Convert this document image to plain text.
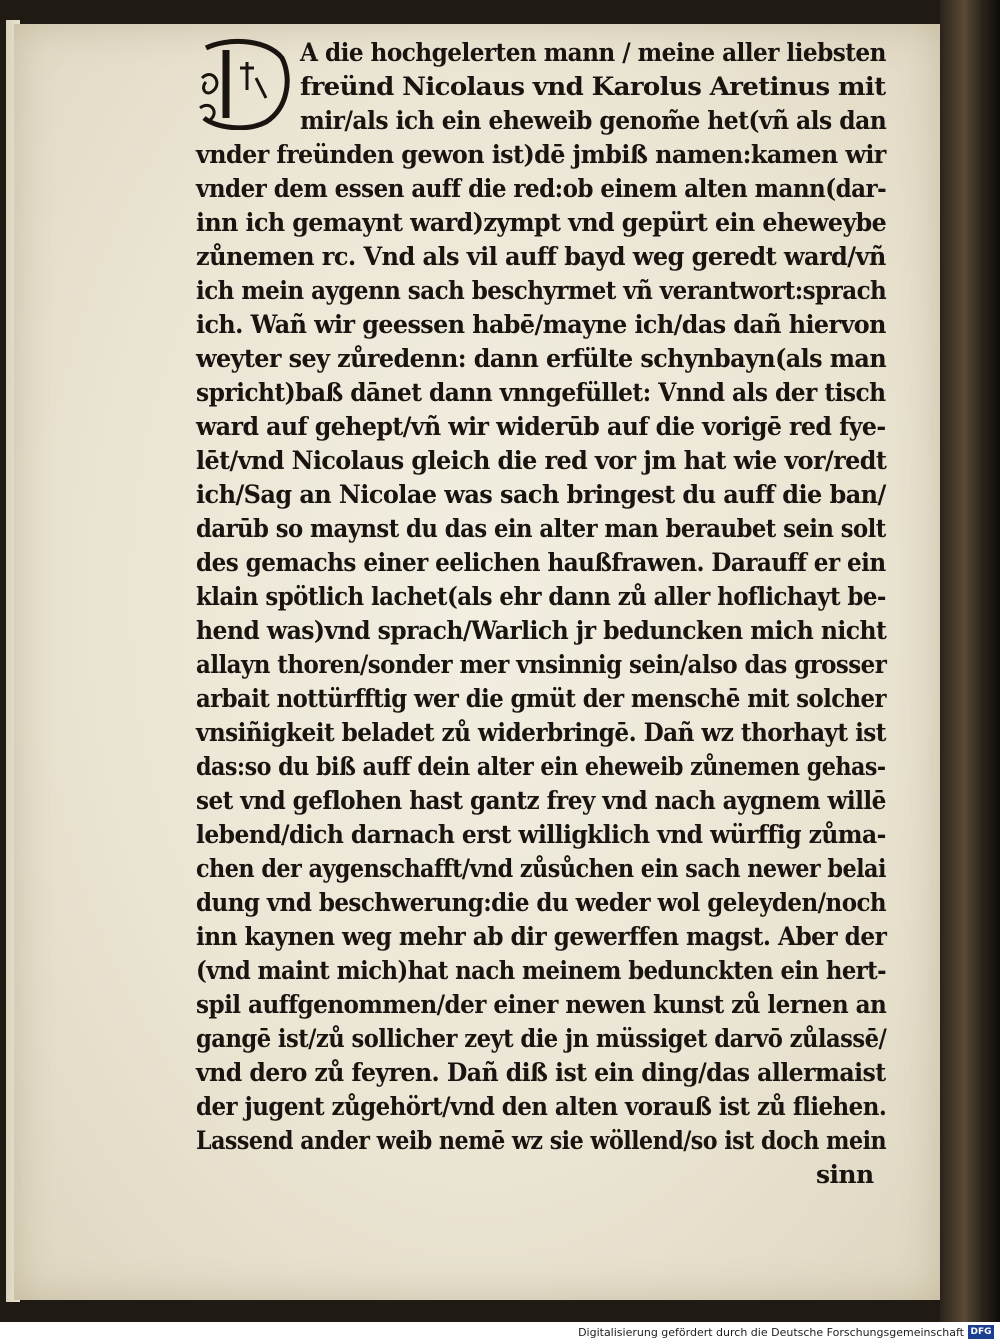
A die hochgelerten mann / meine aller liebsten
freünd Nicolaus vnd Karolus Aretinus mit
mir/als ich ein eheweib genom̃e het(vñ als dan
vnder freünden gewon ist)dē jmbiß namen:kamen wir
vnder dem essen auff die red:ob einem alten mann(dar-
inn ich gemaynt ward)zympt vnd gepürt ein eheweybe
zůnemen rc. Vnd als vil auff bayd weg geredt ward/vñ
ich mein aygenn sach beschyrmet vñ verantwort:sprach
ich. Wañ wir geessen habē/mayne ich/das dañ hiervon
weyter sey zůredenn: dann erfülte schynbayn(als man
spricht)baß dānet dann vnngefüllet: Vnnd als der tisch
ward auf gehept/vñ wir widerūb auf die vorigē red fye-
lēt/vnd Nicolaus gleich die red vor jm hat wie vor/redt
ich/Sag an Nicolae was sach bringest du auff die ban/
darūb so maynst du das ein alter man beraubet sein solt
des gemachs einer eelichen haußfrawen. Darauff er ein
klain spötlich lachet(als ehr dann zů aller hoflichayt be-
hend was)vnd sprach/Warlich jr beduncken mich nicht
allayn thoren/sonder mer vnsinnig sein/also das grosser
arbait nottürfftig wer die gmüt der menschē mit solcher
vnsiñigkeit beladet zů widerbringē. Dañ wz thorhayt ist
das:so du biß auff dein alter ein eheweib zůnemen gehas-
set vnd geflohen hast gantz frey vnd nach aygnem willē
lebend/dich darnach erst willigklich vnd würffig zůma-
chen der aygenschafft/vnd zůsůchen ein sach newer belai
dung vnd beschwerung:die du weder wol geleyden/noch
inn kaynen weg mehr ab dir gewerffen magst. Aber der
(vnd maint mich)hat nach meinem bedunckten ein hert-
spil auffgenommen/der einer newen kunst zů lernen an
gangē ist/zů sollicher zeyt die jn müssiget darvō zůlassē/
vnd dero zů feyren. Dañ diß ist ein ding/das allermaist
der jugent zůgehört/vnd den alten vorauß ist zů fliehen.
Lassend ander weib nemē wz sie wöllend/so ist doch mein
sinn
Digitalisierung gefördert durch die Deutsche Forschungsgemeinschaft DFG
